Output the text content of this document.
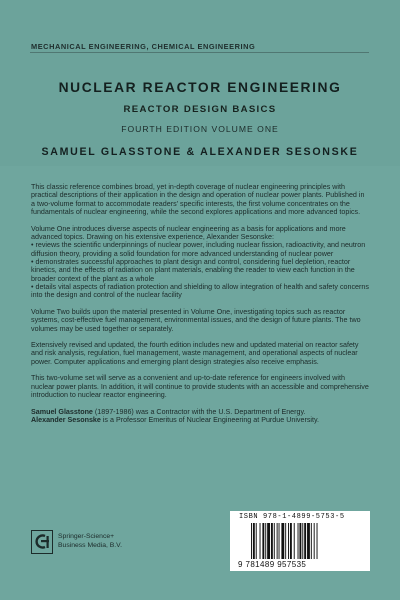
MECHANICAL ENGINEERING, CHEMICAL ENGINEERING
NUCLEAR REACTOR ENGINEERING
REACTOR DESIGN BASICS
FOURTH EDITION VOLUME ONE
SAMUEL GLASSTONE & ALEXANDER SESONSKE

This classic reference combines broad, yet in-depth coverage of nuclear engineering principles with practical descriptions of their application in the design and operation of nuclear power plants. Published in a two-volume format to accommodate readers' specific interests, the first volume concentrates on the fundamentals of nuclear engineering, while the second explores applications and more advanced topics.

Volume One introduces diverse aspects of nuclear engineering as a basis for applications and more advanced topics. Drawing on his extensive experience, Alexander Sesonske:
• reviews the scientific underpinnings of nuclear power, including nuclear fission, radioactivity, and neutron diffusion theory, providing a solid foundation for more advanced understanding of nuclear power
• demonstrates successful approaches to plant design and control, considering fuel depletion, reactor kinetics, and the effects of radiation on plant materials, enabling the reader to view each function in the broader context of the plant as a whole
• details vital aspects of radiation protection and shielding to allow integration of health and safety concerns into the design and control of the nuclear facility

Volume Two builds upon the material presented in Volume One, investigating topics such as reactor systems, cost-effective fuel management, environmental issues, and the design of future plants. The two volumes may be used together or separately.

Extensively revised and updated, the fourth edition includes new and updated material on reactor safety and risk analysis, regulation, fuel management, waste management, and operational aspects of nuclear power. Computer applications and emerging plant design strategies also receive emphasis.

This two-volume set will serve as a convenient and up-to-date reference for engineers involved with nuclear power plants. In addition, it will continue to provide students with an accessible and comprehensive introduction to nuclear reactor engineering.

Samuel Glasstone (1897-1986) was a Contractor with the U.S. Department of Energy.
Alexander Sesonske is a Professor Emeritus of Nuclear Engineering at Purdue University.

Springer-Science+
Business Media, B.V.
ISBN 978-1-4899-5753-5
9 781489 957535
